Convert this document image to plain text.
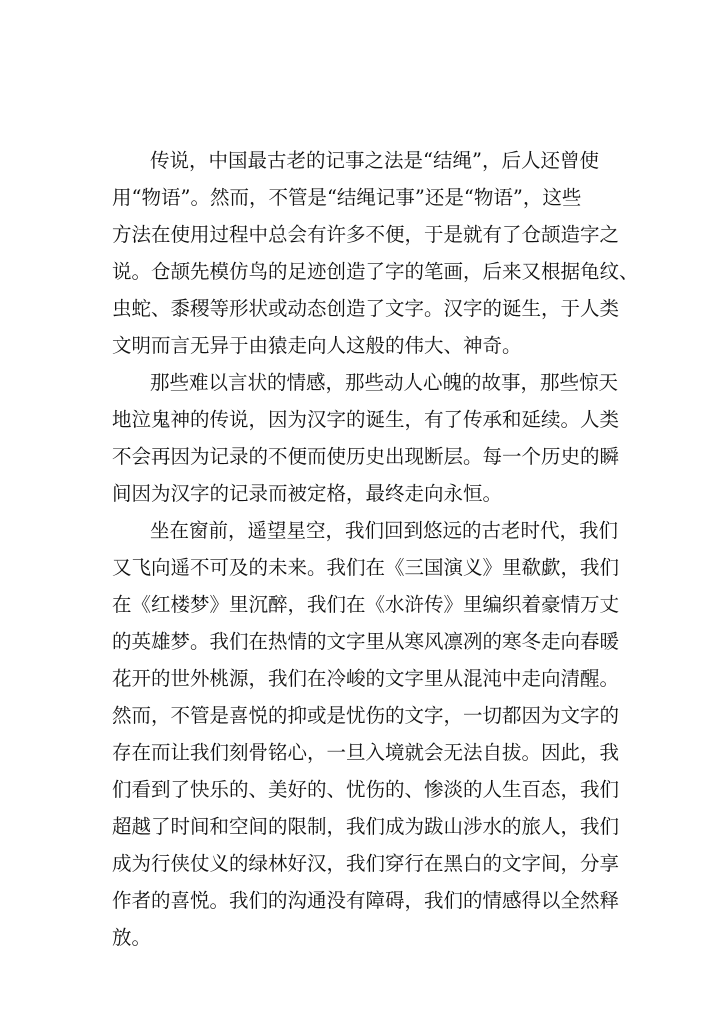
传说，中国最古老的记事之法是“结绳”，后人还曾使
用“物语”。然而，不管是“结绳记事”还是“物语”，这些
方法在使用过程中总会有许多不便，于是就有了仓颉造字之
说。仓颉先模仿鸟的足迹创造了字的笔画，后来又根据龟纹、
虫蛇、黍稷等形状或动态创造了文字。汉字的诞生，于人类
文明而言无异于由猿走向人这般的伟大、神奇。
那些难以言状的情感，那些动人心魄的故事，那些惊天
地泣鬼神的传说，因为汉字的诞生，有了传承和延续。人类
不会再因为记录的不便而使历史出现断层。每一个历史的瞬
间因为汉字的记录而被定格，最终走向永恒。
坐在窗前，遥望星空，我们回到悠远的古老时代，我们
又飞向遥不可及的未来。我们在《三国演义》里欷歔，我们
在《红楼梦》里沉醉，我们在《水浒传》里编织着豪情万丈
的英雄梦。我们在热情的文字里从寒风凛冽的寒冬走向春暖
花开的世外桃源，我们在冷峻的文字里从混沌中走向清醒。
然而，不管是喜悦的抑或是忧伤的文字，一切都因为文字的
存在而让我们刻骨铭心，一旦入境就会无法自拔。因此，我
们看到了快乐的、美好的、忧伤的、惨淡的人生百态，我们
超越了时间和空间的限制，我们成为跋山涉水的旅人，我们
成为行侠仗义的绿林好汉，我们穿行在黑白的文字间，分享
作者的喜悦。我们的沟通没有障碍，我们的情感得以全然释
放。
